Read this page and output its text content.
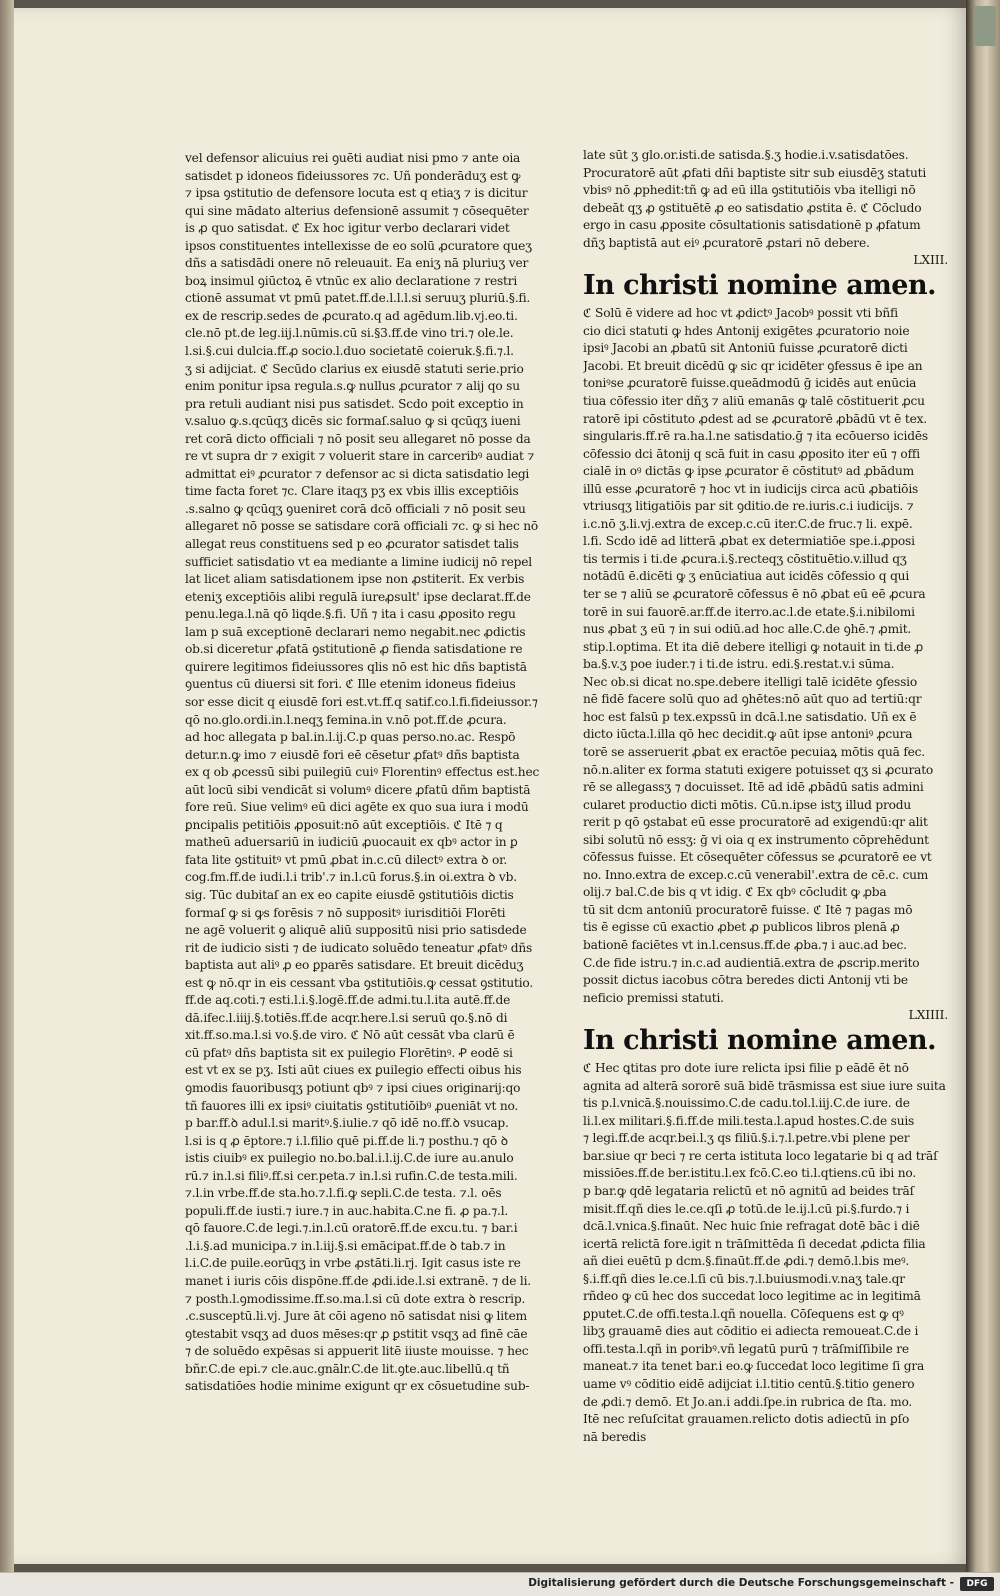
vel defensor alicuius rei ꝯuēti audiat nisi pmo ⁊ ante oia
satisdet p idoneos fideiussores ⁊c. Uñ ponderāduʒ est ꝙ
⁊ ipsa ꝯstitutio de defensore locuta est q etiaʒ ⁊ is dicitur
qui sine mādato alterius defensionē assumit ⁊ cōsequēter
is ꝓ quo satisdat. ℭ Ex hoc igitur verbo declarari videt
ipsos constituentes intellexisse de eo solū ꝓcuratore queʒ
dñs a satisdādi onere nō releuauit. Ea eniʒ nā pluriuʒ ver
boꝝ insimul ꝯiūctoꝝ ē vtnūc ex alio declaratione ⁊ restri
ctionē assumat vt pmū patet.ff.de.l.l.l.si seruuʒ pluriū.§.fi.
ex de rescrip.sedes de ꝓcurato.q ad agēdum.lib.vj.eo.ti.
cle.nō pt.de leg.iij.l.nūmis.cū si.§3.ff.de vino tri.⁊ ole.le.
l.si.§.cui dulcia.ff.ꝓ socio.l.duo societatē coieruk.§.fi.⁊.l.
ʒ si adijciat. ℭ Secūdo clarius ex eiusdē statuti serie.prio
enim ponitur ipsa regula.s.ꝙ nullus ꝓcurator ⁊ alij qo su
pra retuli audiant nisi pus satisdet. Scdo poit exceptio in
v.saluo ꝙ.s.qcūqʒ dicēs sic formaſ.saluo ꝙ si qcūqʒ iueni
ret corā dicto officiali ⁊ nō posit seu allegaret nō posse da
re vt supra dr ⁊ exigit ⁊ voluerit stare in carceribꝰ audiat ⁊
admittat eiꝰ ꝓcurator ⁊ defensor ac si dicta satisdatio legi
time facta foret ⁊c. Clare itaqʒ pʒ ex vbis illis exceptiōis
.s.salno ꝙ qcūqʒ ꝯueniret corā dcō officiali ⁊ nō posit seu
allegaret nō posse se satisdare corā officiali ⁊c. ꝙ si hec nō
allegat reus constituens sed p eo ꝓcurator satisdet talis
sufficiet satisdatio vt ea mediante a limine iudicij nō repel
lat licet aliam satisdationem ipse non ꝓstiterit. Ex verbis
eteniʒ exceptiōis alibi regulā iureꝓsult' ipse declarat.ff.de
penu.lega.l.nā qō liqde.§.fi. Uñ ⁊ ita i casu ꝓposito regu
lam p suā exceptionē declarari nemo negabit.nec ꝓdictis
ob.si diceretur ꝓfatā ꝯstitutionē ꝓ fienda satisdatione re
quirere legitimos fideiussores qlis nō est hic dñs baptistā
ꝯuentus cū diuersi sit fori. ℭ Ille etenim idoneus fideius
sor esse dicit q eiusdē fori est.vt.ff.q satif.co.l.fi.fideiussor.⁊
qō no.glo.ordi.in.l.neqʒ femina.in v.nō pot.ff.de ꝓcura.
ad hoc allegata p bal.in.l.ij.C.p quas perso.no.ac. Respō
detur.n.ꝙ imo ⁊ eiusdē fori eē cēsetur ꝓfatꝰ dñs baptista
ex q ob ꝓcessū sibi puilegiū cuiꝰ Florentinꝰ effectus est.hec
aūt locū sibi vendicāt si volumꝰ dicere ꝓfatū dñm baptistā
fore reū. Siue velimꝰ eū dici agēte ex quo sua iura i modū
ꝑncipalis petitiōis ꝓposuit:nō aūt exceptiōis. ℭ Itē ⁊ q
matheū aduersariū in iudiciū ꝓuocauit ex qbꝰ actor in ꝑ
fata lite ꝯstituitꝰ vt pmū ꝓbat in.c.cū dilectꝰ extra ꝺ or.
cog.fm.ff.de iudi.l.i trib'.⁊ in.l.cū forus.§.in oi.extra ꝺ vb.
sig. Tūc dubitaſ an ex eo capite eiusdē ꝯstitutiōis dictis
formaſ ꝙ si ꝙs forēsis ⁊ nō suppositꝰ iurisditiōi Florēti
ne agē voluerit ꝯ aliquē aliū suppositū nisi prio satisdede
rit de iudicio sisti ⁊ de iudicato soluēdo teneatur ꝓfatꝰ dñs
baptista aut aliꝰ ꝓ eo ꝑparēs satisdare. Et breuit dicēduʒ
est ꝙ nō.qr in eis cessant vba ꝯstitutiōis.ꝙ cessat ꝯstitutio.
ff.de aq.coti.⁊ esti.l.i.§.logē.ff.de admi.tu.l.ita autē.ff.de
dā.ifec.l.iiij.§.totiēs.ff.de acqr.here.l.si seruū qo.§.nō di
xit.ff.so.ma.l.si vo.§.de viro. ℭ Nō aūt cessāt vba clarū ē
cū pfatꝰ dñs baptista sit ex puilegio Florētinꝰ. Ꝓ eodē si
est vt ex se pʒ. Isti aūt ciues ex ꝑuilegio effecti oibus his
ꝯmodis fauoribusqʒ potiunt qbꝰ ⁊ ipsi ciues originarij:qo
tñ fauores illi ex ipsiꝰ ciuitatis ꝯstitutiōibꝰ ꝓueniāt vt no.
p bar.ff.ꝺ adul.l.si maritꝰ.§.iulie.⁊ qō idē no.ff.ꝺ vsucap.
l.si is q ꝓ ēptore.⁊ i.l.filio quē pi.ff.de li.⁊ posthu.⁊ qō ꝺ
istis ciuibꝰ ex puilegio no.bo.bal.i.l.ij.C.de iure au.anulo
rū.⁊ in.l.si filiꝰ.ff.si cer.peta.⁊ in.l.si rufin.C.de testa.mili.
⁊.l.in vrbe.ff.de sta.ho.⁊.l.fi.ꝙ sepli.C.de testa. ⁊.l. oēs
populi.ff.de iusti.⁊ iure.⁊ in auc.habita.C.ne fi. ꝓ pa.⁊.l.
qō fauore.C.de legi.⁊.in.l.cū oratorē.ff.de excu.tu. ⁊ bar.i
.l.i.§.ad municipa.⁊ in.l.iij.§.si emācipat.ff.de ꝺ tab.⁊ in
l.i.C.de puile.eorūqʒ in vrbe ꝓstāti.li.rj. Igit casus iste re
manet i iuris cōis dispōne.ff.de ꝓdi.ide.l.si extranē. ⁊ de li.
⁊ posth.l.ꝯmodissime.ff.so.ma.l.si cū dote extra ꝺ rescrip.
.c.susceptū.li.vj. Jure āt cōi ageno nō satisdat nisi ꝙ litem
ꝯtestabit vsqʒ ad duos mēses:qr ꝓ ꝑstitit vsqʒ ad finē cāe
⁊ de soluēdo expēsas si appuerit litē iiuste mouisse. ⁊ hec
bñr.C.de epi.⁊ cle.auc.gnālr.C.de lit.ꝯte.auc.libellū.q tñ
satisdatiōes hodie minime exigunt qr ex cōsuetudine sub-
late sūt ʒ glo.or.isti.de satisda.§.ʒ hodie.i.v.satisdatōes.
Procuratorē aūt ꝓfati dñi baptiste sitr sub eiusdēʒ statuti
vbisꝰ nō ꝓphedit:tñ ꝙ ad eū illa ꝯstitutiōis vba itelligi nō
debeāt qʒ ꝓ ꝯstituētē ꝓ eo satisdatio ꝓstita ē. ℭ Cōcludo
ergo in casu ꝓposite cōsultationis satisdationē p ꝓfatum
dñʒ baptistā aut eiꝰ ꝓcuratorē ꝓstari nō debere.
LXIII.
In christi nomine amen.
ℭ Solū ē videre ad hoc vt ꝓdictꝰ Jacobꝰ possit vti bñfi
cio dici statuti ꝙ hdes Antonij exigētes ꝓcuratorio noie
ipsiꝰ Jacobi an ꝓbatū sit Antoniū fuisse ꝓcuratorē dicti
Jacobi. Et breuit dicēdū ꝙ sic qr icidēter ꝯfessus ē ipe an
toniꝰse ꝓcuratorē fuisse.queādmodū ḡ icidēs aut enūcia
tiua cōfessio iter dñʒ ⁊ aliū emanās ꝙ talē cōstituerit ꝓcu
ratorē ipi cōstituto ꝓdest ad se ꝓcuratorē ꝓbādū vt ē tex.
singularis.ff.rē ra.ha.l.ne satisdatio.ḡ ⁊ ita ecōuerso icidēs
cōfessio dci ātonij q scā fuit in casu ꝓposito iter eū ⁊ offi
cialē in oꝰ dictās ꝙ ipse ꝓcurator ē cōstitutꝰ ad ꝓbādum
illū esse ꝓcuratorē ⁊ hoc vt in iudicijs circa acū ꝓbatiōis
vtriusqʒ litigatiōis par sit ꝯditio.de re.iuris.c.i iudicijs. ⁊
i.c.nō ʒ.li.vj.extra de excep.c.cū iter.C.de fruc.⁊ li. expē.
l.fi. Scdo idē ad litterā ꝓbat ex determiatiōe spe.i.ꝓposi
tis termis i ti.de ꝓcura.i.§.recteqʒ cōstituētio.v.illud qʒ
notādū ē.dicēti ꝙ ʒ enūciatiua aut icidēs cōfessio q qui
ter se ⁊ aliū se ꝓcuratorē cōfessus ē nō ꝓbat eū eē ꝓcura
torē in sui fauorē.ar.ff.de iterro.ac.l.de etate.§.i.nibilomi
nus ꝓbat ʒ eū ⁊ in sui odiū.ad hoc alle.C.de ꝯhē.⁊ ꝓmit.
stip.l.optima. Et ita diē debere itelligi ꝙ notauit in ti.de ꝓ
ba.§.v.ʒ poe iuder.⁊ i ti.de istru. edi.§.restat.v.i sūma.
Nec ob.si dicat no.spe.debere itelligi talē icidēte ꝯfessio
nē fidē facere solū quo ad ꝯhētes:nō aūt quo ad tertiū:qr
hoc est falsū p tex.expssū in dcā.l.ne satisdatio. Uñ ex ē
dicto iūcta.l.illa qō hec decidit.ꝙ aūt ipse antoniꝰ ꝓcura
torē se asseruerit ꝓbat ex eractōe pecuiaꝝ mōtis quā fec.
nō.n.aliter ex forma statuti exigere potuisset qʒ si ꝓcurato
rē se allegassʒ ⁊ docuisset. Itē ad idē ꝓbādū satis admini
cularet productio dicti mōtis. Cū.n.ipse istʒ illud produ
rerit p qō ꝯstabat eū esse procuratorē ad exigendū:qr alit
sibi solutū nō essʒ: ḡ vi oia q ex instrumento cōprehēdunt
cōfessus fuisse. Et cōsequēter cōfessus se ꝓcuratorē ee vt
no. Inno.extra de excep.c.cū venerabil'.extra de cē.c. cum
olij.⁊ bal.C.de bis q vt idig. ℭ Ex qbꝰ cōcludit ꝙ ꝓba
tū sit dcm antoniū procuratorē fuisse. ℭ Itē ⁊ pagas mō
tis ē egisse cū exactio ꝓbet ꝓ publicos libros plenā ꝓ
bationē faciētes vt in.l.census.ff.de ꝓba.⁊ i auc.ad bec.
C.de fide istru.⁊ in.c.ad audientiā.extra de ꝓscrip.merito
possit dictus iacobus cōtra beredes dicti Antonij vti be
neficio premissi statuti.
LXIIII.
In christi nomine amen.
ℭ Hec ꝗtitas pro dote iure relicta ipsi filie p eādē ēt nō
agnita ad alterā sororē suā bidē trāsmissa est siue iure suita
tis p.l.vnicā.§.nouissimo.C.de cadu.tol.l.iij.C.de iure. de
li.l.ex militari.§.fi.ff.de mili.testa.l.apud hostes.C.de suis
⁊ legi.ff.de acqr.bei.l.ʒ qs filiū.§.i.⁊.l.petre.vbi plene per
bar.siue qr beci ⁊ re certa istituta loco legatarie bi q ad trāſ
missiōes.ff.de ber.istitu.l.ex fcō.C.eo ti.l.qtiens.cū ibi no.
p bar.ꝙ qdē legataria relictū et nō agnitū ad beides trāſ
misit.ff.qñ dies le.ce.qſi ꝓ totū.de le.ij.l.cū pi.§.furdo.⁊ i
dcā.l.vnica.§.finaūt. Nec huic ſnie refragat dotē bāc i diē
icertā relictā fore.igit n trāſmittēda ſi decedat ꝓdicta filia
añ diei euētū p dcm.§.finaūt.ff.de ꝓdi.⁊ demō.l.bis meꝰ.
§.i.ff.qñ dies le.ce.l.ſi cū bis.⁊.l.buiusmodi.v.naʒ tale.qr
rñdeo ꝙ cū hec dos succedat loco legitime ac in legitimā
ꝑputet.C.de offi.testa.l.qñ nouella. Cōſequens est ꝙ qꝰ
libʒ grauamē dies aut cōditio ei adiecta remoueat.C.de i
offi.testa.l.qñ in ꝑoribꝰ.vñ legatū purū ⁊ trāſmiſſibile re
maneat.⁊ ita tenet bar.i eo.ꝙ ſuccedat loco legitime ſi gra
uame vꝰ cōditio eidē adijciat i.l.titio centū.§.titio genero
de ꝓdi.⁊ demō. Et Jo.an.i addi.ſpe.in rubrica de ſta. mo.
Itē nec reſuſcitat grauamen.relicto dotis adiectū in ꝑſo
nā beredis
Digitalisierung gefördert durch die Deutsche Forschungsgemeinschaft -	DFG
